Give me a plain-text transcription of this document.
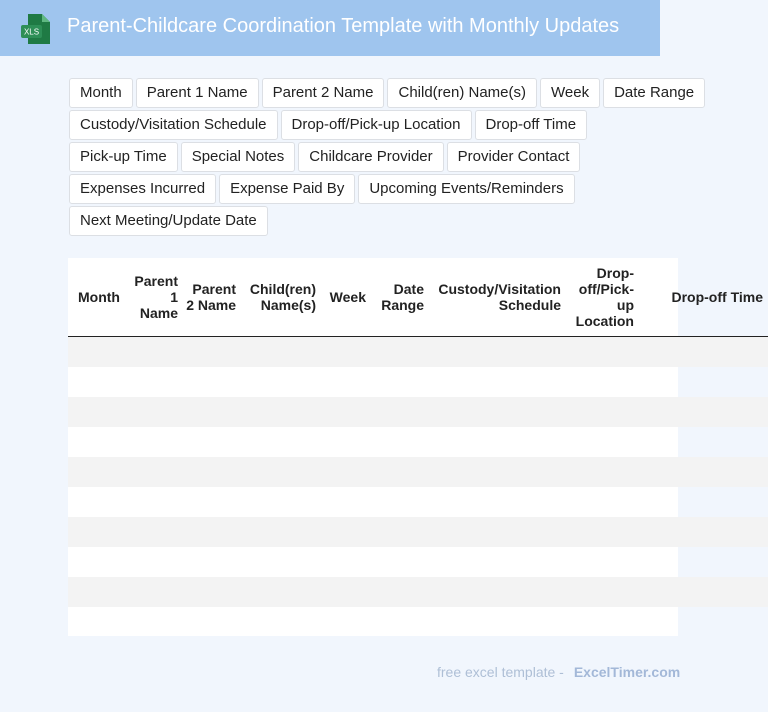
XLS Parent-Childcare Coordination Template with Monthly Updates
Month	Parent 1 Name	Parent 2 Name	Child(ren) Name(s)	Week	Date Range
Custody/Visitation Schedule	Drop-off/Pick-up Location	Drop-off Time
Pick-up Time	Special Notes	Childcare Provider	Provider Contact
Expenses Incurred	Expense Paid By	Upcoming Events/Reminders
Next Meeting/Update Date
Month	Parent 1 Name	Parent 2 Name	Child(ren) Name(s)	Week	Date Range	Custody/Visitation Schedule	Drop-off/Pick-up Location	Drop-off Time

free excel template - ExcelTimer.com
